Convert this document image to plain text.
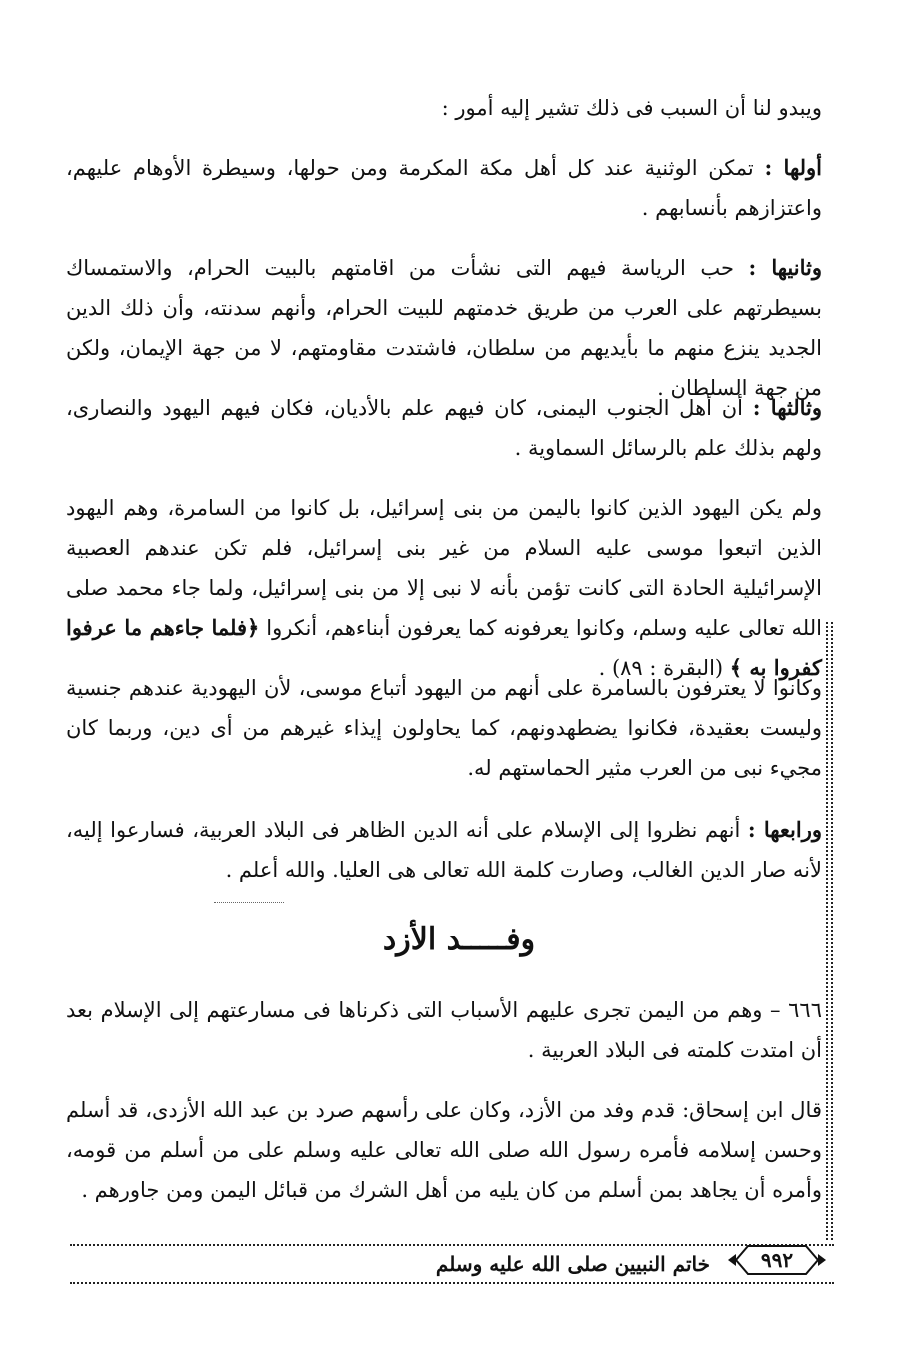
ويبدو لنا أن السبب فى ذلك تشير إليه أمور :

أولها : تمكن الوثنية عند كل أهل مكة المكرمة ومن حولها، وسيطرة الأوهام عليهم، واعتزازهم بأنسابهم .

وثانيها : حب الرياسة فيهم التى نشأت من اقامتهم بالبيت الحرام، والاستمساك بسيطرتهم على العرب من طريق خدمتهم للبيت الحرام، وأنهم سدنته، وأن ذلك الدين الجديد ينزع منهم ما بأيديهم من سلطان، فاشتدت مقاومتهم، لا من جهة الإيمان، ولكن من جهة السلطان .

وثالثها : أن أهل الجنوب اليمنى، كان فيهم علم بالأديان، فكان فيهم اليهود والنصارى، ولهم بذلك علم بالرسائل السماوية .

ولم يكن اليهود الذين كانوا باليمن من بنى إسرائيل، بل كانوا من السامرة، وهم اليهود الذين اتبعوا موسى عليه السلام من غير بنى إسرائيل، فلم تكن عندهم العصبية الإسرائيلية الحادة التى كانت تؤمن بأنه لا نبى إلا من بنى إسرائيل، ولما جاء محمد صلى الله تعالى عليه وسلم، وكانوا يعرفونه كما يعرفون أبناءهم، أنكروا ﴿فلما جاءهم ما عرفوا كفروا به ﴾ (البقرة : ٨٩) .

وكانوا لا يعترفون بالسامرة على أنهم من اليهود أتباع موسى، لأن اليهودية عندهم جنسية وليست بعقيدة، فكانوا يضطهدونهم، كما يحاولون إيذاء غيرهم من أى دين، وربما كان مجيء نبى من العرب مثير الحماستهم له.

ورابعها : أنهم نظروا إلى الإسلام على أنه الدين الظاهر فى البلاد العربية، فسارعوا إليه، لأنه صار الدين الغالب، وصارت كلمة الله تعالى هى العليا. والله أعلم .

وفـــــد الأزد

٦٦٦ – وهم من اليمن تجرى عليهم الأسباب التى ذكرناها فى مسارعتهم إلى الإسلام بعد أن امتدت كلمته فى البلاد العربية .

قال ابن إسحاق: قدم وفد من الأزد، وكان على رأسهم صرد بن عبد الله الأزدى، قد أسلم وحسن إسلامه فأمره رسول الله صلى الله تعالى عليه وسلم على من أسلم من قومه، وأمره أن يجاهد بمن أسلم من كان يليه من أهل الشرك من قبائل اليمن ومن جاورهم .

خاتم النبيين صلى الله عليه وسلم	٩٩٢
